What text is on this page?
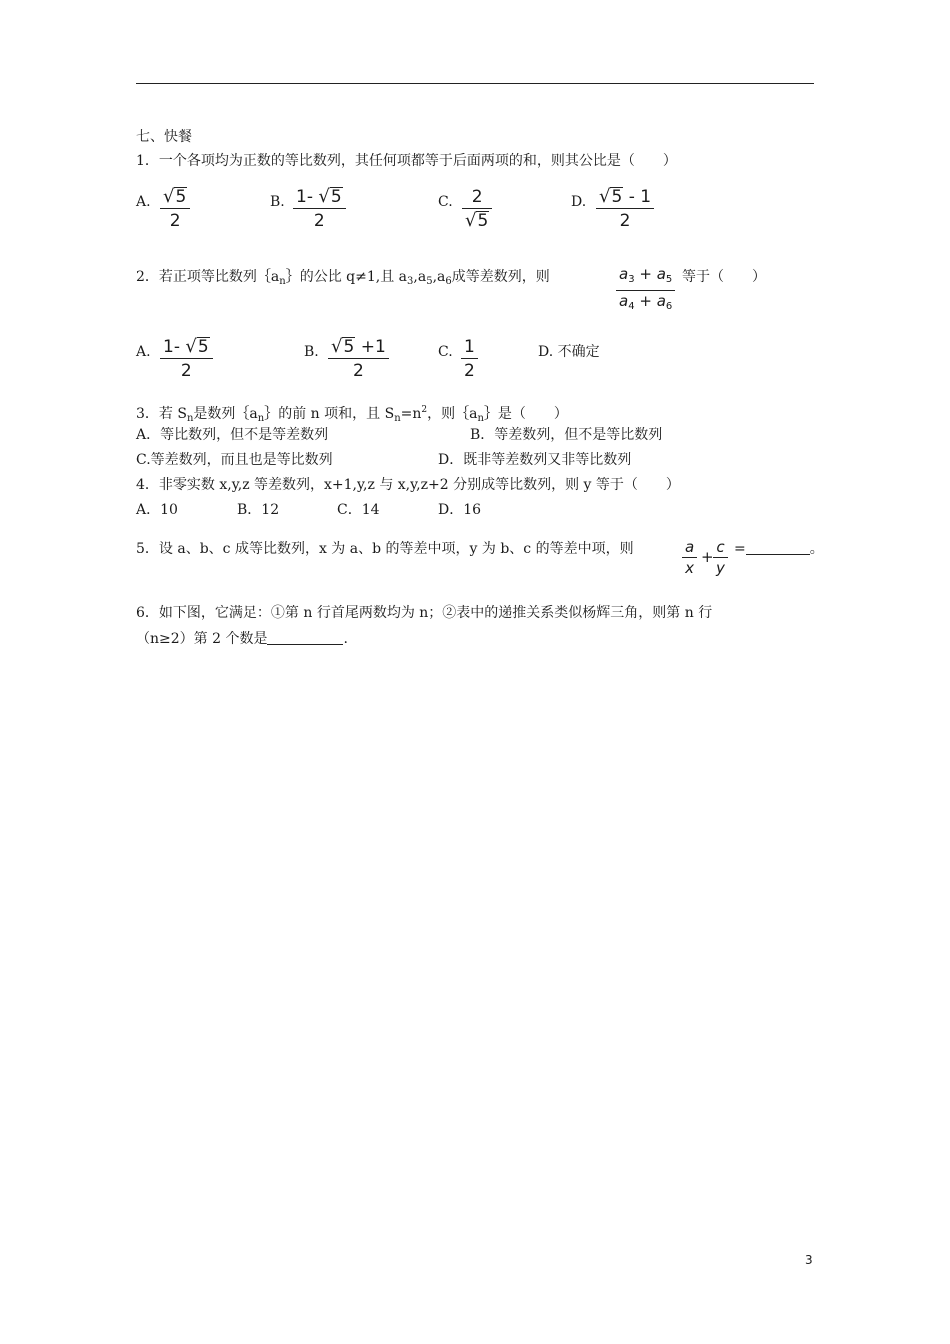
七、快餐
1．一个各项均为正数的等比数列，其任何项都等于后面两项的和，则其公比是（　　）
A. √ 5
2
B. 1- √ 5
2
C. 2
√ 5
D. √ 5 - 1
2
2．若正项等比数列$\{a_n\}$的公比 q≠1,且 $a_3,a_5,a_6$成等差数列，则	$a_3 + a_5$
$a_4 + a_6$
等于（　　）
A. 1- √ 5
2
B. √ 5 +1
2
C. 1
2
D. 不确定
3．若 $S_n$是数列$\{a_n\}$的前 n 项和，且 $S_n=n^2$，则$\{a_n\}$是（　　）
A．等比数列，但不是等差数列	B．等差数列，但不是等比数列
C.等差数列，而且也是等比数列	D．既非等差数列又非等比数列
4．非零实数 x,y,z 等差数列，x+1,y,z 与 x,y,z+2 分别成等比数列，则 y 等于（　　）
A．10	B．12	C．14	D．16
5．设 a、b、c 成等比数列，x 为 a、b 的等差中项，y 为 b、c 的等差中项，则	a
x
+
c
y
=	。
6．如下图，它满足：①第 n 行首尾两数均为 n；②表中的递推关系类似杨辉三角，则第 n 行
（n≥2）第 2 个数是	.
3
